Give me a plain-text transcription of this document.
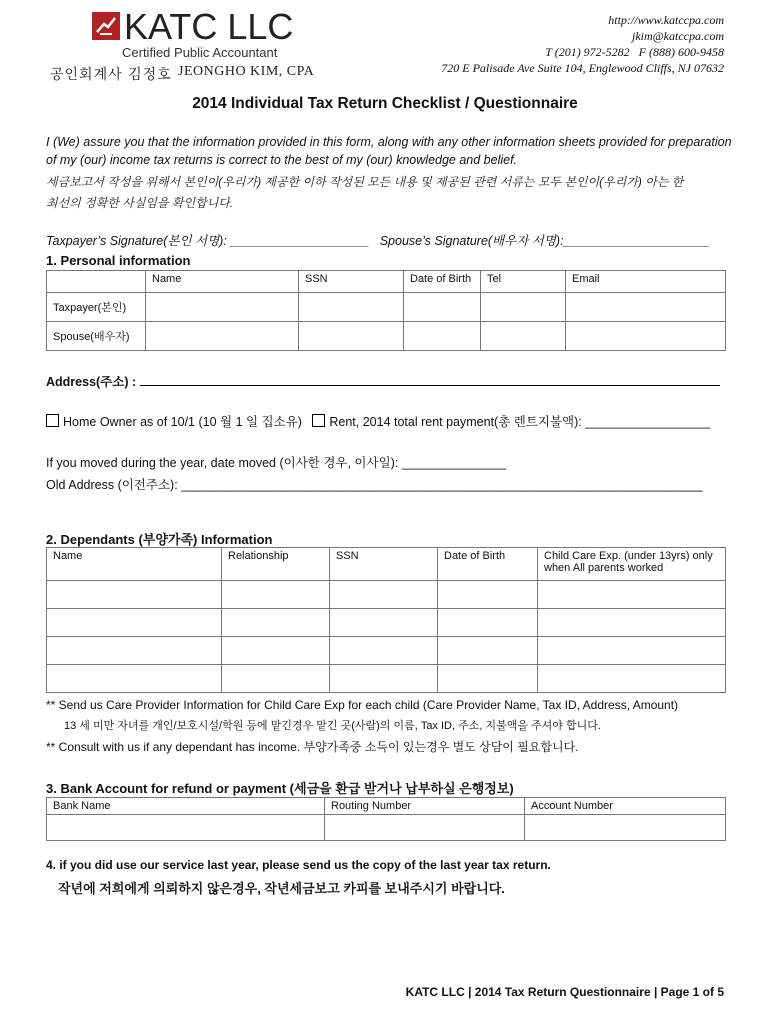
KATC LLC
Certified Public Accountant
공인회계사 김정호 JEONGHO KIM, CPA
http://www.katccpa.com
jkim@katccpa.com
T (201) 972-5282   F (888) 600-9458
720 E Palisade Ave Suite 104, Englewood Cliffs, NJ 07632
2014 Individual Tax Return Checklist / Questionnaire
I (We) assure you that the information provided in this form, along with any other information sheets provided for preparation of my (our) income tax returns is correct to the best of my (our) knowledge and belief.
세금보고서 작성을 위해서 본인이(우리가) 제공한 이하 작성된 모든 내용 및 제공된 관련 서류는 모두 본인이(우리가) 아는 한
최선의 정확한 사실임을 확인합니다.
Taxpayer’s Signature(본인 서명): ____________________ Spouse’s Signature(배우자 서명):_____________________
1. Personal information
	Name	SSN	Date of Birth	Tel	Email
Taxpayer(본인)					
Spouse(배우자)					
Address(주소) :
Home Owner as of 10/1 (10 월 1 일 집소유) Rent, 2014 total rent payment(총 렌트지불액): __________________
If you moved during the year, date moved (이사한 경우, 이사일): _______________
Old Address (이전주소): ___________________________________________________________________________
2. Dependants (부양가족) Information
Name	Relationship	SSN	Date of Birth	Child Care Exp. (under 13yrs) only when All parents worked

** Send us Care Provider Information for Child Care Exp for each child (Care Provider Name, Tax ID, Address, Amount)
13 세 미만 자녀를 개인/보호시설/학원 등에 맡긴경우 맡긴 곳(사람)의 이름, Tax ID, 주소, 지불액을 주셔야 합니다.
** Consult with us if any dependant has income. 부양가족중 소득이 있는경우 별도 상담이 필요합니다.
3. Bank Account for refund or payment (세금을 환급 받거나 납부하실 은행정보)
Bank Name	Routing Number	Account Number

4. if you did use our service last year, please send us the copy of the last year tax return.
작년에 저희에게 의뢰하지 않은경우, 작년세금보고 카피를 보내주시기 바랍니다.
KATC LLC | 2014 Tax Return Questionnaire | Page 1 of 5
